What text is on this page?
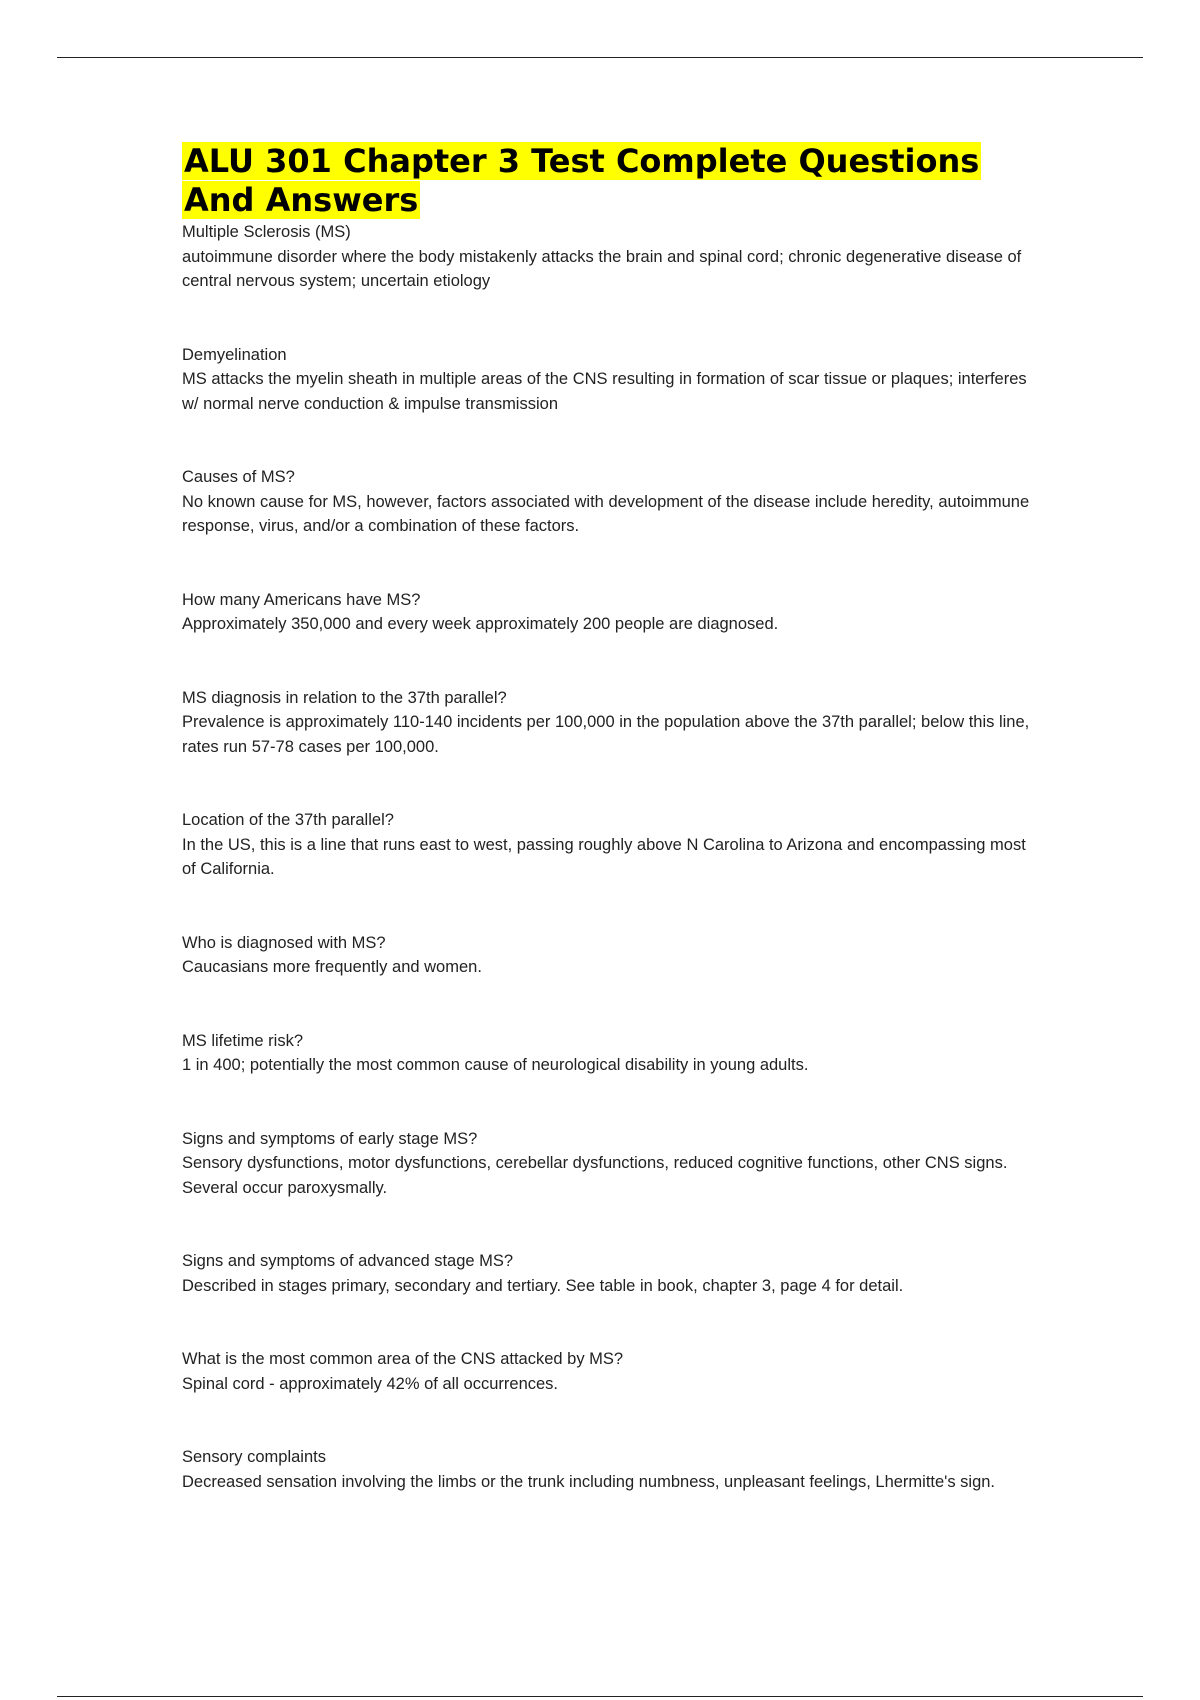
ALU 301 Chapter 3 Test Complete Questions And Answers

Multiple Sclerosis (MS)

autoimmune disorder where the body mistakenly attacks the brain and spinal cord; chronic degenerative disease of central nervous system; uncertain etiology

Demyelination

MS attacks the myelin sheath in multiple areas of the CNS resulting in formation of scar tissue or plaques; interferes w/ normal nerve conduction & impulse transmission

Causes of MS?

No known cause for MS, however, factors associated with development of the disease include heredity, autoimmune response, virus, and/or a combination of these factors.

How many Americans have MS?

Approximately 350,000 and every week approximately 200 people are diagnosed.

MS diagnosis in relation to the 37th parallel?

Prevalence is approximately 110-140 incidents per 100,000 in the population above the 37th parallel; below this line, rates run 57-78 cases per 100,000.

Location of the 37th parallel?

In the US, this is a line that runs east to west, passing roughly above N Carolina to Arizona and encompassing most of California.

Who is diagnosed with MS?

Caucasians more frequently and women.

MS lifetime risk?

1 in 400; potentially the most common cause of neurological disability in young adults.

Signs and symptoms of early stage MS?

Sensory dysfunctions, motor dysfunctions, cerebellar dysfunctions, reduced cognitive functions, other CNS signs. Several occur paroxysmally.

Signs and symptoms of advanced stage MS?

Described in stages primary, secondary and tertiary. See table in book, chapter 3, page 4 for detail.

What is the most common area of the CNS attacked by MS?

Spinal cord - approximately 42% of all occurrences.

Sensory complaints

Decreased sensation involving the limbs or the trunk including numbness, unpleasant feelings, Lhermitte's sign.
